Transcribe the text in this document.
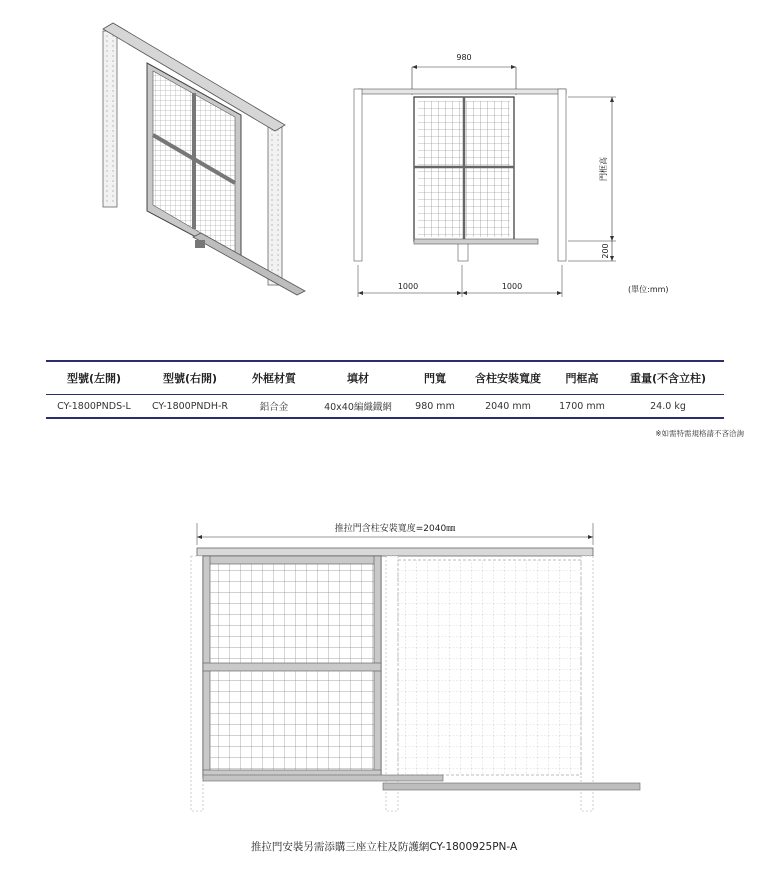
980
門框高
200
1000	1000	(單位:mm)
型號(左開)	型號(右開)	外框材質	填材	門寬	含柱安裝寬度	門框高	重量(不含立柱)
CY-1800PNDS-L	CY-1800PNDH-R	鋁合金	40x40編織鐵網	980 mm	2040 mm	1700 mm	24.0 kg
※如需特需規格請不吝洽詢
推拉門含柱安裝寬度=2040㎜
推拉門安裝另需添購三座立柱及防護網CY-1800925PN-A
